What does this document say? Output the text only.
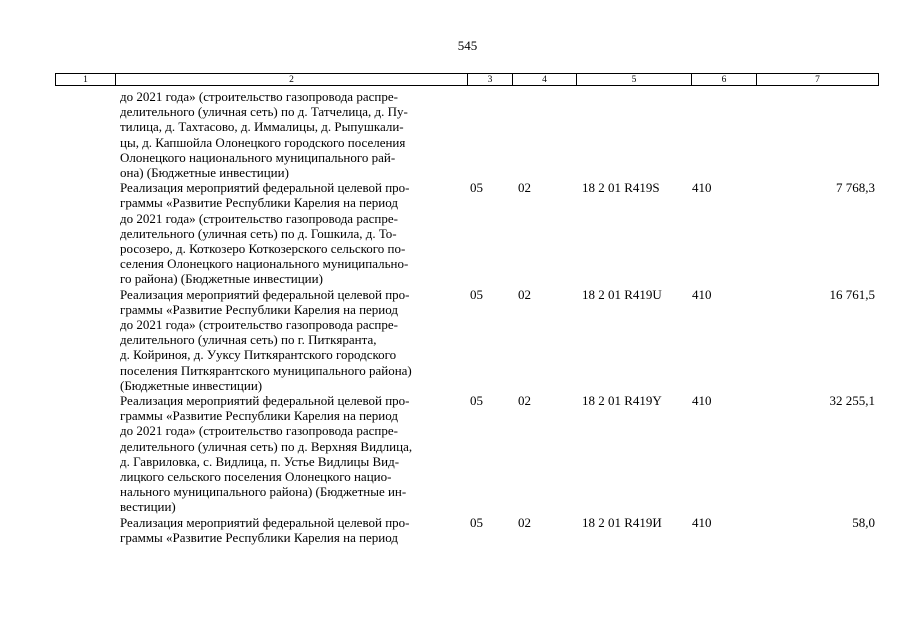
545
1	2	3	4	5	6	7
до 2021 года» (строительство газопровода распре-
делительного (уличная сеть) по д. Татчелица, д. Пу-
тилица, д. Тахтасово, д. Иммалицы, д. Рыпушкали-
цы, д. Капшойла Олонецкого городского поселения
Олонецкого национального муниципального рай-
она) (Бюджетные инвестиции)
Реализация мероприятий федеральной целевой про-
граммы «Развитие Республики Карелия на период
до 2021 года» (строительство газопровода распре-
делительного (уличная сеть) по д. Гошкила, д. То-
росозеро, д. Коткозеро Коткозерского сельского по-
селения Олонецкого национального муниципально-
го района) (Бюджетные инвестиции)
05	02	18 2 01 R419S 410	7 768,3
Реализация мероприятий федеральной целевой про-
граммы «Развитие Республики Карелия на период
до 2021 года» (строительство газопровода распре-
делительного (уличная сеть) по г. Питкяранта,
д. Койриноя, д. Ууксу Питкярантского городского
поселения Питкярантского муниципального района)
(Бюджетные инвестиции)
05	02	18 2 01 R419U 410	16 761,5
Реализация мероприятий федеральной целевой про-
граммы «Развитие Республики Карелия на период
до 2021 года» (строительство газопровода распре-
делительного (уличная сеть) по д. Верхняя Видлица,
д. Гавриловка, с. Видлица, п. Устье Видлицы Вид-
лицкого сельского поселения Олонецкого нацио-
нального муниципального района) (Бюджетные ин-
вестиции)
05	02	18 2 01 R419Y 410	32 255,1
Реализация мероприятий федеральной целевой про-
граммы «Развитие Республики Карелия на период
05	02	18 2 01 R419И 410	58,0
